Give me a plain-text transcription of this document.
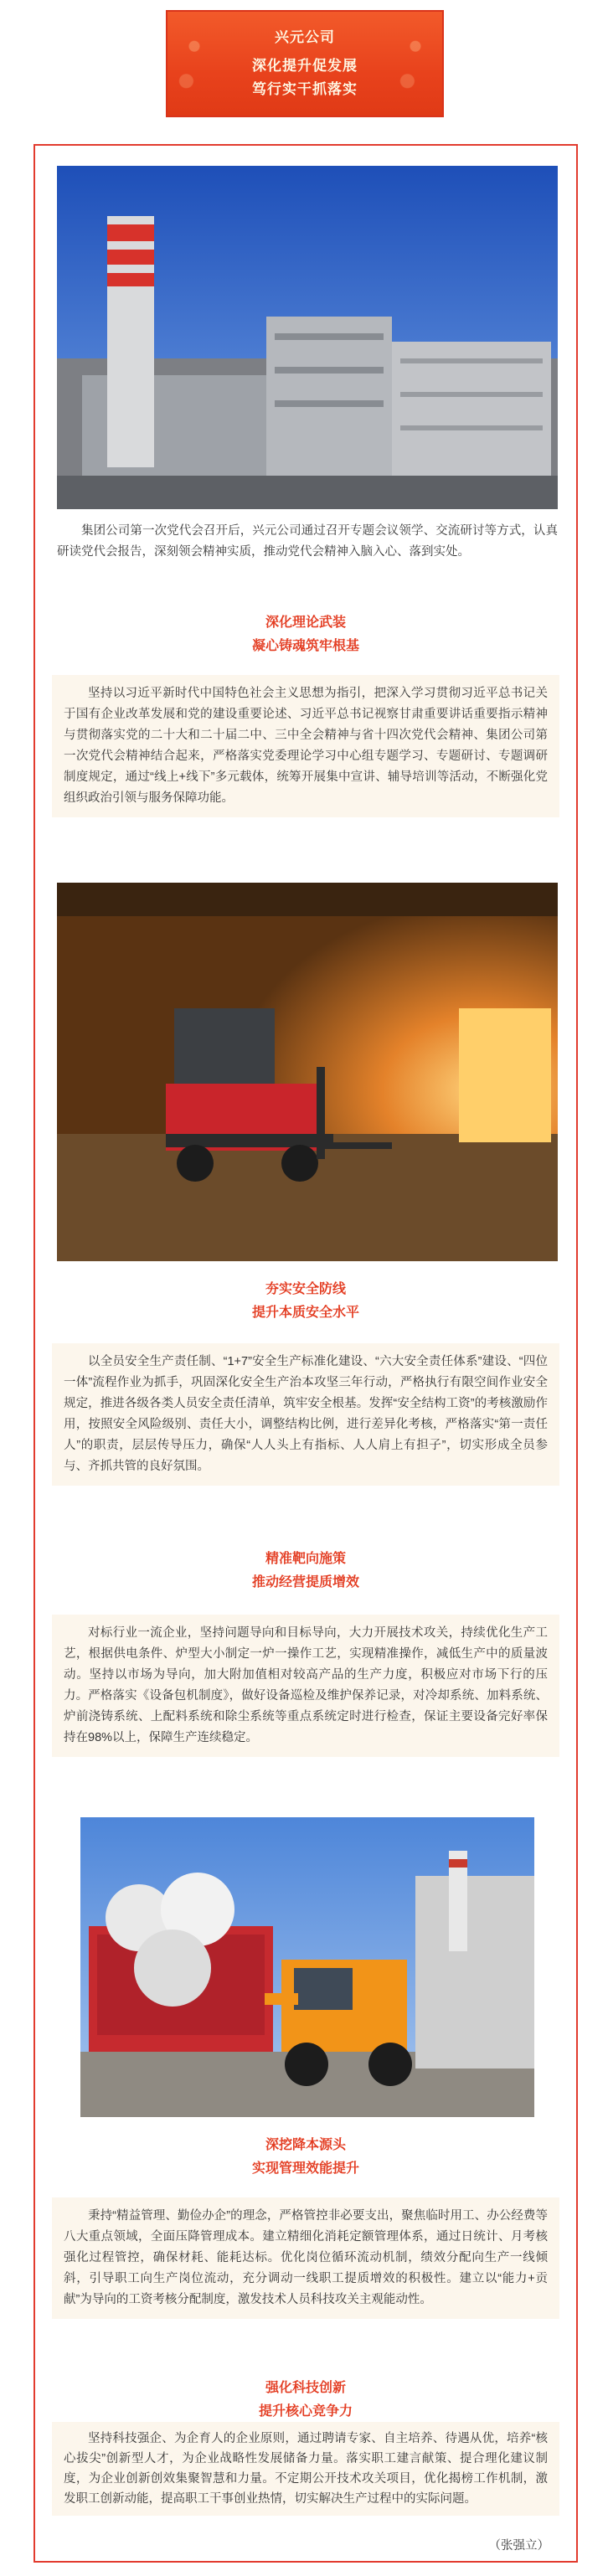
兴元公司
深化提升促发展
笃行实干抓落实

集团公司第一次党代会召开后，兴元公司通过召开专题会议领学、交流研讨等方式，认真研读党代会报告，深刻领会精神实质，推动党代会精神入脑入心、落到实处。

深化理论武装
凝心铸魂筑牢根基

坚持以习近平新时代中国特色社会主义思想为指引，把深入学习贯彻习近平总书记关于国有企业改革发展和党的建设重要论述、习近平总书记视察甘肃重要讲话重要指示精神与贯彻落实党的二十大和二十届二中、三中全会精神与省十四次党代会精神、集团公司第一次党代会精神结合起来，严格落实党委理论学习中心组专题学习、专题研讨、专题调研制度规定，通过“线上+线下”多元载体，统筹开展集中宣讲、辅导培训等活动，不断强化党组织政治引领与服务保障功能。

夯实安全防线
提升本质安全水平

以全员安全生产责任制、“1+7”安全生产标准化建设、“六大安全责任体系”建设、“四位一体”流程作业为抓手，巩固深化安全生产治本攻坚三年行动，严格执行有限空间作业安全规定，推进各级各类人员安全责任清单，筑牢安全根基。发挥“安全结构工资”的考核激励作用，按照安全风险级别、责任大小，调整结构比例，进行差异化考核，严格落实“第一责任人”的职责，层层传导压力，确保“人人头上有指标、人人肩上有担子”，切实形成全员参与、齐抓共管的良好氛围。

精准靶向施策
推动经营提质增效

对标行业一流企业，坚持问题导向和目标导向，大力开展技术攻关，持续优化生产工艺，根据供电条件、炉型大小制定一炉一操作工艺，实现精准操作，减低生产中的质量波动。坚持以市场为导向，加大附加值相对较高产品的生产力度，积极应对市场下行的压力。严格落实《设备包机制度》，做好设备巡检及维护保养记录，对冷却系统、加料系统、炉前浇铸系统、上配料系统和除尘系统等重点系统定时进行检查，保证主要设备完好率保持在98%以上，保障生产连续稳定。

深挖降本源头
实现管理效能提升

秉持“精益管理、勤俭办企”的理念，严格管控非必要支出，聚焦临时用工、办公经费等八大重点领域，全面压降管理成本。建立精细化消耗定额管理体系，通过日统计、月考核强化过程管控，确保材耗、能耗达标。优化岗位循环流动机制，绩效分配向生产一线倾斜，引导职工向生产岗位流动，充分调动一线职工提质增效的积极性。建立以“能力+贡献”为导向的工资考核分配制度，激发技术人员科技攻关主观能动性。

强化科技创新
提升核心竞争力

坚持科技强企、为企育人的企业原则，通过聘请专家、自主培养、待遇从优，培养“核心拔尖”创新型人才，为企业战略性发展储备力量。落实职工建言献策、提合理化建议制度，为企业创新创效集聚智慧和力量。不定期公开技术攻关项目，优化揭榜工作机制，激发职工创新动能，提高职工干事创业热情，切实解决生产过程中的实际问题。

（张强立）
